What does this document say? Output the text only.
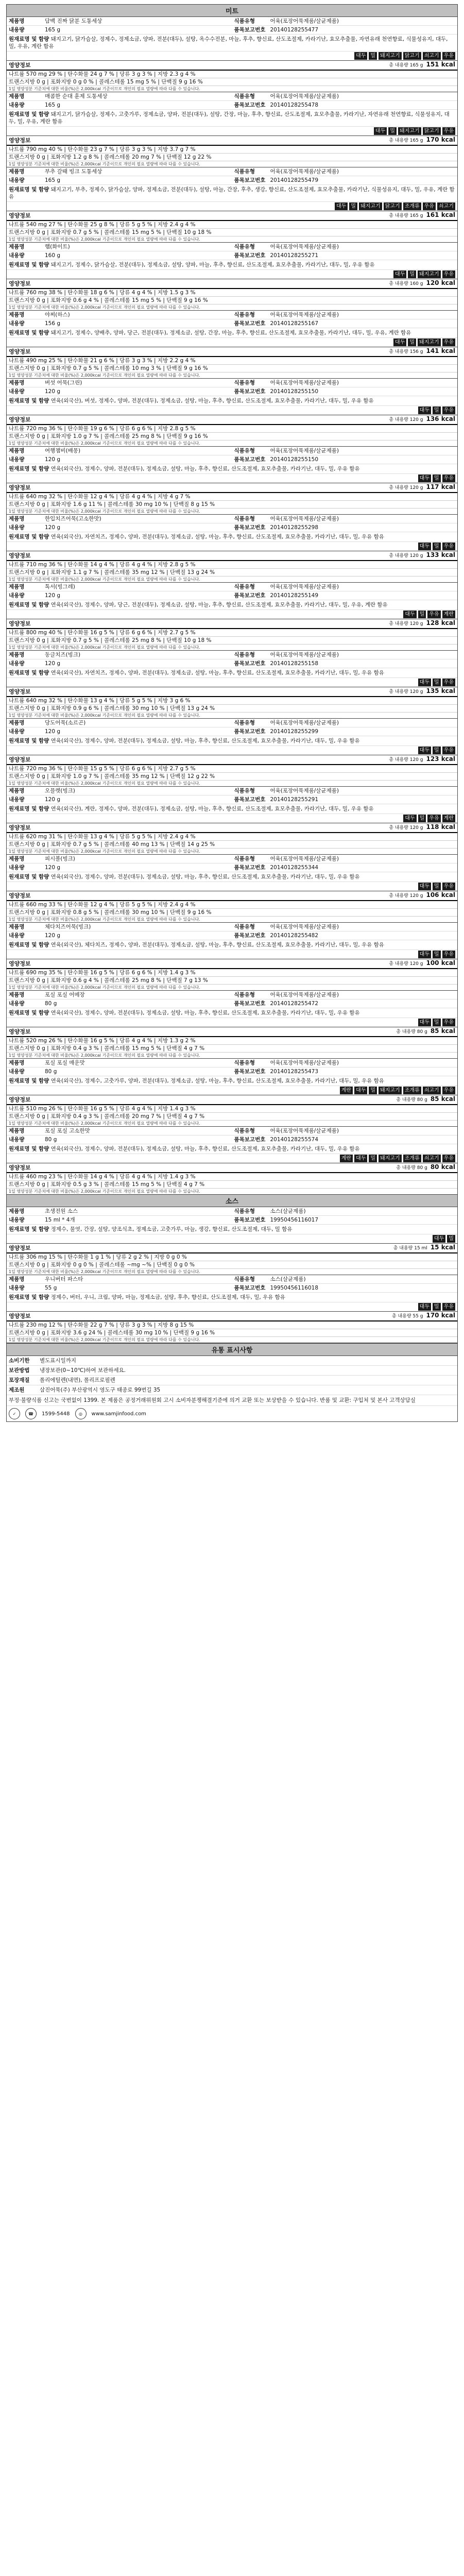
미트
제품명	담백 진짜 닭분 도통세상	식품유형	어육(포장어묵제품/살균제품)
내용량	165 g	품목보고번호 20140128255477
원재료명 및 함량 돼지고기, 닭가슴살, 정제수, 정제소금, 양파, 전분(대두), 설탕, 옥수수전분, 마늘, 후추, 향신료, 산도조절제, 카라기난, 효모추출물, 자연유래 천연향료, 식물성유지, 대두, 밀, 우유, 계란 함유
대두 밀 돼지고기 닭고기 쇠고기 우유
영양정보	총 내용량 165 g 151 kcal
나트륨 570 mg 29 % | 탄수화물 24 g 7 % | 당류 3 g 3 % | 지방 2.3 g 4 %
트랜스지방 0 g | 포화지방 0 g 0 % | 콜레스테롤 15 mg 5 % | 단백질 9 g 16 %
1일 영양성분 기준치에 대한 비율(%)은 2,000kcal 기준이므로 개인의 필요 열량에 따라 다를 수 있습니다.
제품명	매콤한 순대 훈제 도통세상	식품유형	어육(포장어묵제품/살균제품)
내용량	165 g	품목보고번호 20140128255478
원재료명 및 함량 돼지고기, 닭가슴살, 정제수, 고춧가루, 정제소금, 양파, 전분(대두), 설탕, 간장, 마늘, 후추, 향신료, 산도조절제, 효모추출물, 카라기난, 자연유래 천연향료, 식물성유지, 대두, 밀, 우유, 계란 함유
대두 밀 돼지고기 닭고기 우유
영양정보	총 내용량 165 g 170 kcal
나트륨 790 mg 40 % | 탄수화물 23 g 7 % | 당류 3 g 3 % | 지방 3.7 g 7 %
트랜스지방 0 g | 포화지방 1.2 g 8 % | 콜레스테롤 20 mg 7 % | 단백질 12 g 22 %
1일 영양성분 기준치에 대한 비율(%)은 2,000kcal 기준이므로 개인의 필요 열량에 따라 다를 수 있습니다.
제품명	부추 갈때 빙크 도통세상	식품유형	어육(포장어묵제품/살균제품)
내용량	165 g	품목보고번호 20140128255479
원재료명 및 함량 돼지고기, 부추, 정제수, 닭가슴살, 양파, 정제소금, 전분(대두), 설탕, 마늘, 간장, 후추, 생강, 향신료, 산도조절제, 효모추출물, 카라기난, 식물성유지, 대두, 밀, 우유, 계란 함유
대두 밀 돼지고기 닭고기 조개류 우유 쇠고기
영양정보	총 내용량 165 g 161 kcal
나트륨 540 mg 27 % | 탄수화물 25 g 8 % | 당류 5 g 5 % | 지방 2.4 g 4 %
트랜스지방 0 g | 포화지방 0.7 g 5 % | 콜레스테롤 15 mg 5 % | 단백질 10 g 18 %
1일 영양성분 기준치에 대한 비율(%)은 2,000kcal 기준이므로 개인의 필요 열량에 따라 다를 수 있습니다.
제품명	햄(화이트)	식품유형	어육(포장어묵제품/살균제품)
내용량	160 g	품목보고번호 20140128255271
원재료명 및 함량 돼지고기, 정제수, 닭가슴살, 전분(대두), 정제소금, 설탕, 양파, 마늘, 후추, 향신료, 산도조절제, 효모추출물, 카라기난, 대두, 밀, 우유 함유
대두 밀 돼지고기 우유
영양정보	총 내용량 160 g 120 kcal
나트륨 760 mg 38 % | 탄수화물 18 g 6 % | 당류 4 g 4 % | 지방 1.5 g 3 %
트랜스지방 0 g | 포화지방 0.6 g 4 % | 콜레스테롤 15 mg 5 % | 단백질 9 g 16 %
1일 영양성분 기준치에 대한 비율(%)은 2,000kcal 기준이므로 개인의 필요 열량에 따라 다를 수 있습니다.
제품명	야찌(하스)	식품유형	어육(포장어묵제품/살균제품)
내용량	156 g	품목보고번호 20140128255167
원재료명 및 함량 돼지고기, 정제수, 양배추, 양파, 당근, 전분(대두), 정제소금, 설탕, 간장, 마늘, 후추, 향신료, 산도조절제, 효모추출물, 카라기난, 대두, 밀, 우유, 계란 함유
대두 밀 돼지고기 우유
영양정보	총 내용량 156 g 141 kcal
나트륨 490 mg 25 % | 탄수화물 21 g 6 % | 당류 3 g 3 % | 지방 2.2 g 4 %
트랜스지방 0 g | 포화지방 0.7 g 5 % | 콜레스테롤 10 mg 3 % | 단백질 9 g 16 %
1일 영양성분 기준치에 대한 비율(%)은 2,000kcal 기준이므로 개인의 필요 열량에 따라 다를 수 있습니다.
제품명	버섯 어묵(그린)	식품유형	어육(포장어묵제품/살균제품)
내용량	120 g	품목보고번호 20140128255150
원재료명 및 함량 연육(외국산), 버섯, 정제수, 양파, 전분(대두), 정제소금, 설탕, 마늘, 후추, 향신료, 산도조절제, 효모추출물, 카라기난, 대두, 밀, 우유 함유
대두 밀 우유
영양정보	총 내용량 120 g 136 kcal
나트륨 720 mg 36 % | 탄수화물 19 g 6 % | 당류 6 g 6 % | 지방 2.8 g 5 %
트랜스지방 0 g | 포화지방 1.0 g 7 % | 콜레스테롤 25 mg 8 % | 단백질 9 g 16 %
1일 영양성분 기준치에 대한 비율(%)은 2,000kcal 기준이므로 개인의 필요 열량에 따라 다를 수 있습니다.
제품명	여행챔비(배몽)	식품유형	어육(포장어묵제품/살균제품)
내용량	120 g	품목보고번호 20140128255150
원재료명 및 함량 연육(외국산), 정제수, 양파, 전분(대두), 정제소금, 설탕, 마늘, 후추, 향신료, 산도조절제, 효모추출물, 카라기난, 대두, 밀, 우유 함유
대두 밀 우유
영양정보	총 내용량 120 g 117 kcal
나트륨 640 mg 32 % | 탄수화물 12 g 4 % | 당류 4 g 4 % | 지방 4 g 7 %
트랜스지방 0 g | 포화지방 1.6 g 11 % | 콜레스테롤 30 mg 10 % | 단백질 8 g 15 %
1일 영양성분 기준치에 대한 비율(%)은 2,000kcal 기준이므로 개인의 필요 열량에 따라 다를 수 있습니다.
제품명	한입치즈어묵(고소한맛)	식품유형	어육(포장어묵제품/살균제품)
내용량	120 g	품목보고번호 20140128255298
원재료명 및 함량 연육(외국산), 자연치즈, 정제수, 양파, 전분(대두), 정제소금, 설탕, 마늘, 후추, 향신료, 산도조절제, 효모추출물, 카라기난, 대두, 밀, 우유 함유
대두 밀 우유
영양정보	총 내용량 120 g 133 kcal
나트륨 710 mg 36 % | 탄수화물 14 g 4 % | 당류 4 g 4 % | 지방 2.8 g 5 %
트랜스지방 0 g | 포화지방 1.1 g 7 % | 콜레스테롤 35 mg 12 % | 단백질 13 g 24 %
1일 영양성분 기준치에 대한 비율(%)은 2,000kcal 기준이므로 개인의 필요 열량에 따라 다를 수 있습니다.
제품명	톡서(빙그레)	식품유형	어육(포장어묵제품/살균제품)
내용량	120 g	품목보고번호 20140128255149
원재료명 및 함량 연육(외국산), 정제수, 양파, 당근, 전분(대두), 정제소금, 설탕, 마늘, 후추, 향신료, 산도조절제, 효모추출물, 카라기난, 대두, 밀, 우유, 계란 함유
대두 밀 우유 계란
영양정보	총 내용량 120 g 128 kcal
나트륨 800 mg 40 % | 탄수화물 16 g 5 % | 당류 6 g 6 % | 지방 2.7 g 5 %
트랜스지방 0 g | 포화지방 0.7 g 5 % | 콜레스테롤 25 mg 8 % | 단백질 10 g 18 %
1일 영양성분 기준치에 대한 비율(%)은 2,000kcal 기준이므로 개인의 필요 열량에 따라 다를 수 있습니다.
제품명	동글치즈(빙크)	식품유형	어육(포장어묵제품/살균제품)
내용량	120 g	품목보고번호 20140128255158
원재료명 및 함량 연육(외국산), 자연치즈, 정제수, 양파, 전분(대두), 정제소금, 설탕, 마늘, 후추, 향신료, 산도조절제, 효모추출물, 카라기난, 대두, 밀, 우유 함유
대두 밀 우유
영양정보	총 내용량 120 g 135 kcal
나트륨 640 mg 32 % | 탄수화물 13 g 4 % | 당류 5 g 5 % | 지방 3 g 6 %
트랜스지방 0 g | 포화지방 0.9 g 6 % | 콜레스테롤 30 mg 10 % | 단백질 13 g 24 %
1일 영양성분 기준치에 대한 비율(%)은 2,000kcal 기준이므로 개인의 필요 열량에 따라 다를 수 있습니다.
제품명	당도어묵(소르곤)	식품유형	어육(포장어묵제품/살균제품)
내용량	120 g	품목보고번호 20140128255299
원재료명 및 함량 연육(외국산), 정제수, 양파, 전분(대두), 정제소금, 설탕, 마늘, 후추, 향신료, 산도조절제, 효모추출물, 카라기난, 대두, 밀, 우유 함유
대두 밀 우유
영양정보	총 내용량 120 g 123 kcal
나트륨 720 mg 36 % | 탄수화물 15 g 5 % | 당류 6 g 6 % | 지방 2.7 g 5 %
트랜스지방 0 g | 포화지방 1.0 g 7 % | 콜레스테롤 35 mg 12 % | 단백질 12 g 22 %
1일 영양성분 기준치에 대한 비율(%)은 2,000kcal 기준이므로 개인의 필요 열량에 따라 다를 수 있습니다.
제품명	오믈렛(빙크)	식품유형	어육(포장어묵제품/살균제품)
내용량	120 g	품목보고번호 20140128255291
원재료명 및 함량 연육(외국산), 계란, 정제수, 양파, 전분(대두), 정제소금, 설탕, 마늘, 후추, 향신료, 산도조절제, 효모추출물, 카라기난, 대두, 밀, 우유 함유
대두 밀 우유 계란
영양정보	총 내용량 120 g 118 kcal
나트륨 620 mg 31 % | 탄수화물 13 g 4 % | 당류 5 g 5 % | 지방 2.4 g 4 %
트랜스지방 0 g | 포화지방 0.7 g 5 % | 콜레스테롤 40 mg 13 % | 단백질 14 g 25 %
1일 영양성분 기준치에 대한 비율(%)은 2,000kcal 기준이므로 개인의 필요 열량에 따라 다를 수 있습니다.
제품명	피시볼(빙크)	식품유형	어육(포장어묵제품/살균제품)
내용량	120 g	품목보고번호 20140128255344
원재료명 및 함량 연육(외국산), 정제수, 양파, 전분(대두), 정제소금, 설탕, 마늘, 후추, 향신료, 산도조절제, 효모추출물, 카라기난, 대두, 밀, 우유 함유
대두 밀 우유
영양정보	총 내용량 120 g 106 kcal
나트륨 660 mg 33 % | 탄수화물 12 g 4 % | 당류 5 g 5 % | 지방 2.4 g 4 %
트랜스지방 0 g | 포화지방 0.8 g 5 % | 콜레스테롤 30 mg 10 % | 단백질 9 g 16 %
1일 영양성분 기준치에 대한 비율(%)은 2,000kcal 기준이므로 개인의 필요 열량에 따라 다를 수 있습니다.
제품명	체다치즈어묵(빙크)	식품유형	어육(포장어묵제품/살균제품)
내용량	120 g	품목보고번호 20140128255482
원재료명 및 함량 연육(외국산), 체다치즈, 정제수, 양파, 전분(대두), 정제소금, 설탕, 마늘, 후추, 향신료, 산도조절제, 효모추출물, 카라기난, 대두, 밀, 우유 함유
대두 밀 우유
영양정보	총 내용량 120 g 100 kcal
나트륨 690 mg 35 % | 탄수화물 16 g 5 % | 당류 6 g 6 % | 지방 1.4 g 3 %
트랜스지방 0 g | 포화지방 0.6 g 4 % | 콜레스테롤 25 mg 8 % | 단백질 7 g 13 %
1일 영양성분 기준치에 대한 비율(%)은 2,000kcal 기준이므로 개인의 필요 열량에 따라 다를 수 있습니다.
제품명	포실 포실 어메장	식품유형	어육(포장어묵제품/살균제품)
내용량	80 g	품목보고번호 20140128255472
원재료명 및 함량 연육(외국산), 정제수, 양파, 전분(대두), 정제소금, 설탕, 마늘, 후추, 향신료, 산도조절제, 효모추출물, 카라기난, 대두, 밀, 우유 함유
대두 밀 우유
영양정보	총 내용량 80 g 85 kcal
나트륨 520 mg 26 % | 탄수화물 16 g 5 % | 당류 4 g 4 % | 지방 1.3 g 2 %
트랜스지방 0 g | 포화지방 0.4 g 3 % | 콜레스테롤 15 mg 5 % | 단백질 4 g 7 %
1일 영양성분 기준치에 대한 비율(%)은 2,000kcal 기준이므로 개인의 필요 열량에 따라 다를 수 있습니다.
제품명	포실 포실 매운맛	식품유형	어육(포장어묵제품/살균제품)
내용량	80 g	품목보고번호 20140128255473
원재료명 및 함량 연육(외국산), 정제수, 고춧가루, 양파, 전분(대두), 정제소금, 설탕, 마늘, 후추, 향신료, 산도조절제, 효모추출물, 카라기난, 대두, 밀, 우유 함유
계란 대두 밀 돼지고기 조개류 쇠고기 우유
영양정보	총 내용량 80 g 85 kcal
나트륨 510 mg 26 % | 탄수화물 16 g 5 % | 당류 4 g 4 % | 지방 1.4 g 3 %
트랜스지방 0 g | 포화지방 0.4 g 3 % | 콜레스테롤 20 mg 7 % | 단백질 4 g 7 %
1일 영양성분 기준치에 대한 비율(%)은 2,000kcal 기준이므로 개인의 필요 열량에 따라 다를 수 있습니다.
제품명	포실 포실 고소한맛	식품유형	어육(포장어묵제품/살균제품)
내용량	80 g	품목보고번호 20140128255574
원재료명 및 함량 연육(외국산), 정제수, 양파, 전분(대두), 정제소금, 설탕, 마늘, 후추, 향신료, 산도조절제, 효모추출물, 카라기난, 대두, 밀, 우유 함유
계란 대두 밀 돼지고기 조개류 쇠고기 우유
영양정보	총 내용량 80 g 80 kcal
나트륨 460 mg 23 % | 탄수화물 14 g 4 % | 당류 4 g 4 % | 지방 1.4 g 3 %
트랜스지방 0 g | 포화지방 0.5 g 3 % | 콜레스테롤 15 mg 5 % | 단백질 4 g 7 %
1일 영양성분 기준치에 대한 비율(%)은 2,000kcal 기준이므로 개인의 필요 열량에 따라 다를 수 있습니다.
소스
제품명	초생전원 소스	식품유형	소스(살균제품)
내용량	15 ml * 4개	품목보고번호 19950456116017
원재료명 및 함량 정제수, 물엿, 간장, 설탕, 양조식초, 정제소금, 고춧가루, 마늘, 생강, 향신료, 산도조절제, 대두, 밀 함유
대두 밀
영양정보	총 내용량 15 ml 15 kcal
나트륨 306 mg 15 % | 탄수화물 1 g 1 % | 당류 2 g 2 % | 지방 0 g 0 %
트랜스지방 0 g | 포화지방 0 g 0 % | 콜레스테롤 ~mg ~% | 단백질 0 g 0 %
1일 영양성분 기준치에 대한 비율(%)은 2,000kcal 기준이므로 개인의 필요 열량에 따라 다를 수 있습니다.
제품명	우니버터 파스타	식품유형	소스(살균제품)
내용량	55 g	품목보고번호 19950456116018
원재료명 및 함량 정제수, 버터, 우니, 크림, 양파, 마늘, 정제소금, 설탕, 후추, 향신료, 산도조절제, 대두, 밀, 우유 함유
대두 밀 우유
영양정보	총 내용량 55 g 170 kcal
나트륨 230 mg 12 % | 탄수화물 22 g 7 % | 당류 3 g 3 % | 지방 8 g 15 %
트랜스지방 0 g | 포화지방 3.6 g 24 % | 콜레스테롤 30 mg 10 % | 단백질 9 g 16 %
1일 영양성분 기준치에 대한 비율(%)은 2,000kcal 기준이므로 개인의 필요 열량에 따라 다를 수 있습니다.
유통 표시사항
소비기한	별도표시일까지
보관방법	냉장보관(0~10℃)하여 보관하세요.
포장재질	폴리에틸렌(내면), 폴리프로필렌
제조원	삼진어묵(주) 부산광역시 영도구 태종로 99번길 35
부정·불량식품 신고는 국번없이 1399. 본 제품은 공정거래위원회 고시 소비자분쟁해결기준에 의거 교환 또는 보상받을 수 있습니다. 반품 및 교환: 구입처 및 본사 고객상담실
✓	☎	1599-5448	◎	www.samjinfood.com
